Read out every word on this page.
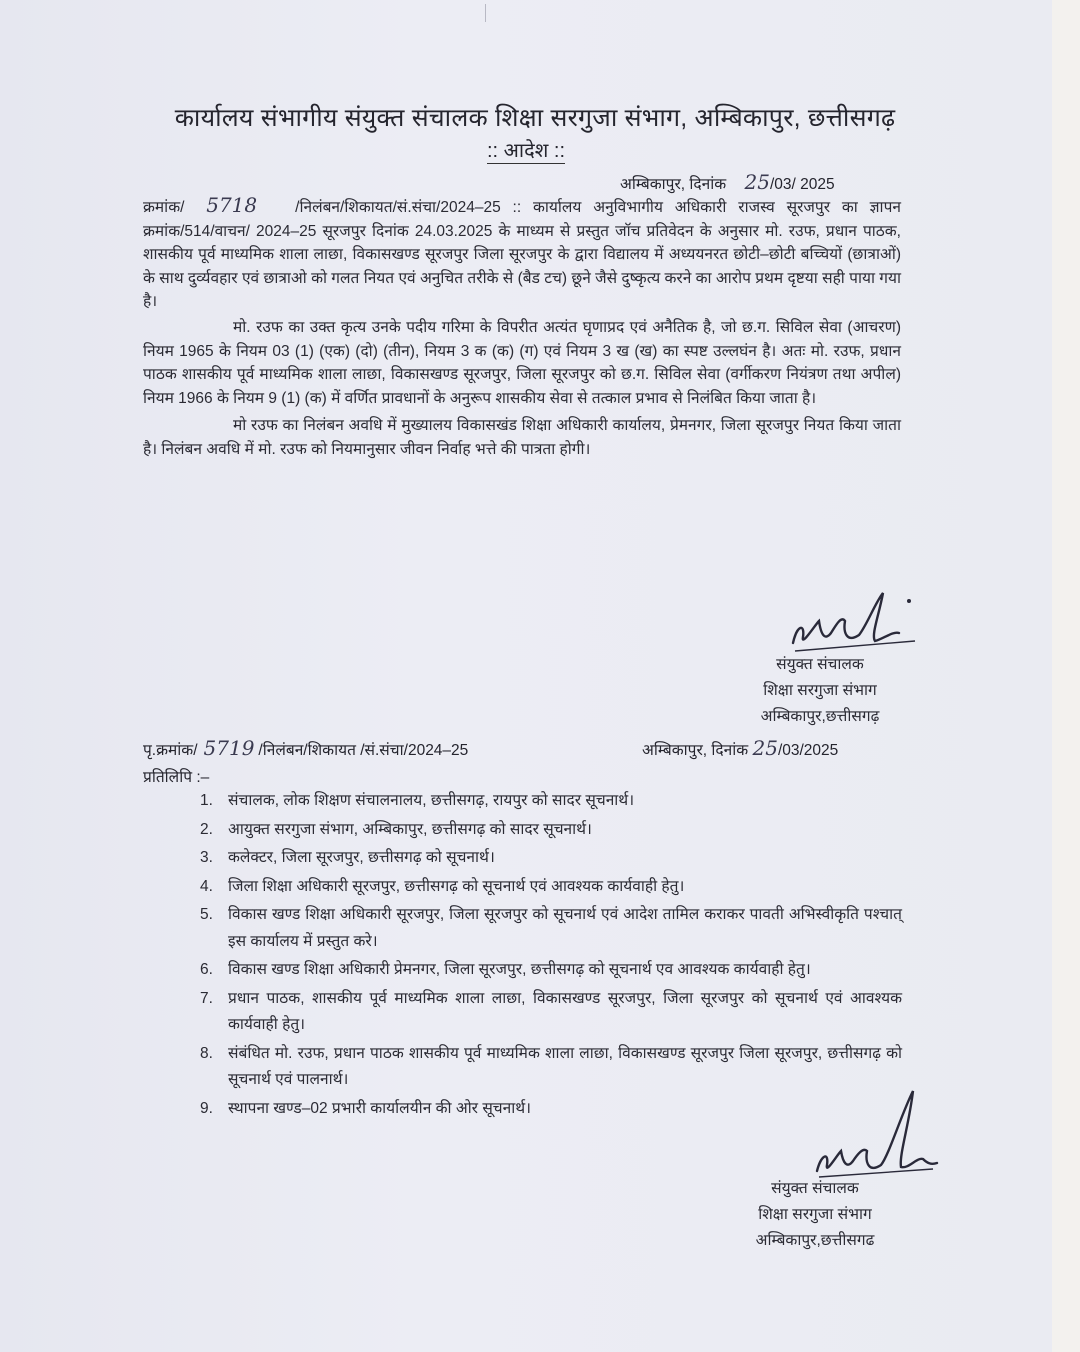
कार्यालय संभागीय संयुक्त संचालक शिक्षा सरगुजा संभाग, अम्बिकापुर, छत्तीसगढ़
:: आदेश ::
अम्बिकापुर, दिनांक 25/03/ 2025

क्रमांक/ 5718 /निलंबन/शिकायत/सं.संचा/2024–25 :: कार्यालय अनुविभागीय अधिकारी राजस्व सूरजपुर का ज्ञापन क्रमांक/514/वाचन/ 2024–25 सूरजपुर दिनांक 24.03.2025 के माध्यम से प्रस्तुत जॉच प्रतिवेदन के अनुसार मो. रउफ, प्रधान पाठक, शासकीय पूर्व माध्यमिक शाला लाछा, विकासखण्ड सूरजपुर जिला सूरजपुर के द्वारा विद्यालय में अध्ययनरत छोटी–छोटी बच्चियों (छात्राओं) के साथ दुर्व्यवहार एवं छात्राओ को गलत नियत एवं अनुचित तरीके से (बैड टच) छूने जैसे दुष्कृत्य करने का आरोप प्रथम दृष्टया सही पाया गया है।

मो. रउफ का उक्त कृत्य उनके पदीय गरिमा के विपरीत अत्यंत घृणाप्रद एवं अनैतिक है, जो छ.ग. सिविल सेवा (आचरण) नियम 1965 के नियम 03 (1) (एक) (दो) (तीन), नियम 3 क (क) (ग) एवं नियम 3 ख (ख) का स्पष्ट उल्लघंन है। अतः मो. रउफ, प्रधान पाठक शासकीय पूर्व माध्यमिक शाला लाछा, विकासखण्ड सूरजपुर, जिला सूरजपुर को छ.ग. सिविल सेवा (वर्गीकरण नियंत्रण तथा अपील) नियम 1966 के नियम 9 (1) (क) में वर्णित प्रावधानों के अनुरूप शासकीय सेवा से तत्काल प्रभाव से निलंबित किया जाता है।

मो रउफ का निलंबन अवधि में मुख्यालय विकासखंड शिक्षा अधिकारी कार्यालय, प्रेमनगर, जिला सूरजपुर नियत किया जाता है। निलंबन अवधि में मो. रउफ को नियमानुसार जीवन निर्वाह भत्ते की पात्रता होगी।

संयुक्त संचालक
शिक्षा सरगुजा संभाग
अम्बिकापुर,छत्तीसगढ़
पृ.क्रमांक/ 5719 /निलंबन/शिकायत /सं.संचा/2024–25	अम्बिकापुर, दिनांक 25/03/2025
प्रतिलिपि :–
1. संचालक, लोक शिक्षण संचालनालय, छत्तीसगढ़, रायपुर को सादर सूचनार्थ।
2. आयुक्त सरगुजा संभाग, अम्बिकापुर, छत्तीसगढ़ को सादर सूचनार्थ।
3. कलेक्टर, जिला सूरजपुर, छत्तीसगढ़ को सूचनार्थ।
4. जिला शिक्षा अधिकारी सूरजपुर, छत्तीसगढ़ को सूचनार्थ एवं आवश्यक कार्यवाही हेतु।
5. विकास खण्ड शिक्षा अधिकारी सूरजपुर, जिला सूरजपुर को सूचनार्थ एवं आदेश तामिल कराकर पावती अभिस्वीकृति पश्चात् इस कार्यालय में प्रस्तुत करे।
6. विकास खण्ड शिक्षा अधिकारी प्रेमनगर, जिला सूरजपुर, छत्तीसगढ़ को सूचनार्थ एव आवश्यक कार्यवाही हेतु।
7. प्रधान पाठक, शासकीय पूर्व माध्यमिक शाला लाछा, विकासखण्ड सूरजपुर, जिला सूरजपुर को सूचनार्थ एवं आवश्यक कार्यवाही हेतु।
8. संबंधित मो. रउफ, प्रधान पाठक शासकीय पूर्व माध्यमिक शाला लाछा, विकासखण्ड सूरजपुर जिला सूरजपुर, छत्तीसगढ़ को सूचनार्थ एवं पालनार्थ।
9. स्थापना खण्ड–02 प्रभारी कार्यालयीन की ओर सूचनार्थ।
संयुक्त संचालक
शिक्षा सरगुजा संभाग
अम्बिकापुर,छत्तीसगढ
